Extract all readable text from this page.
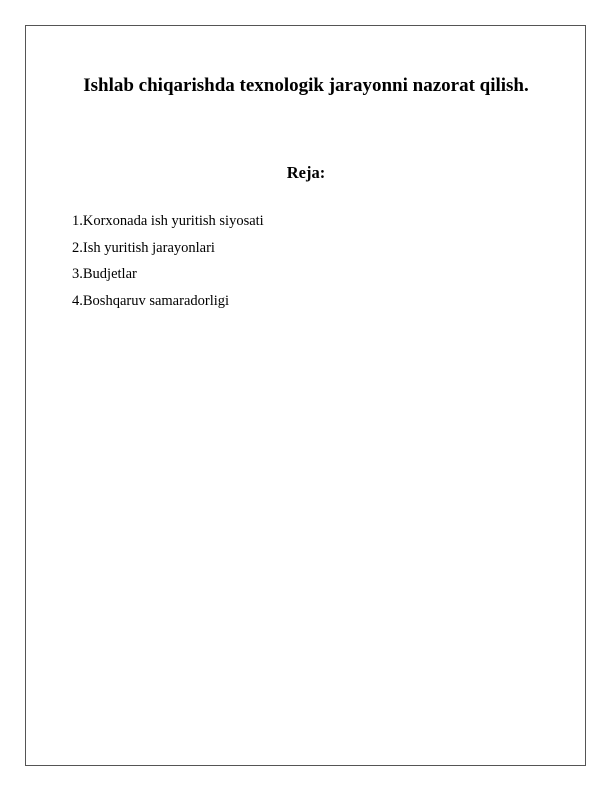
Ishlab chiqarishda texnologik jarayonni nazorat qilish.
Reja:
1.Korxonada ish yuritish siyosati
2.Ish yuritish jarayonlari
3.Budjetlar
4.Boshqaruv samaradorligi
